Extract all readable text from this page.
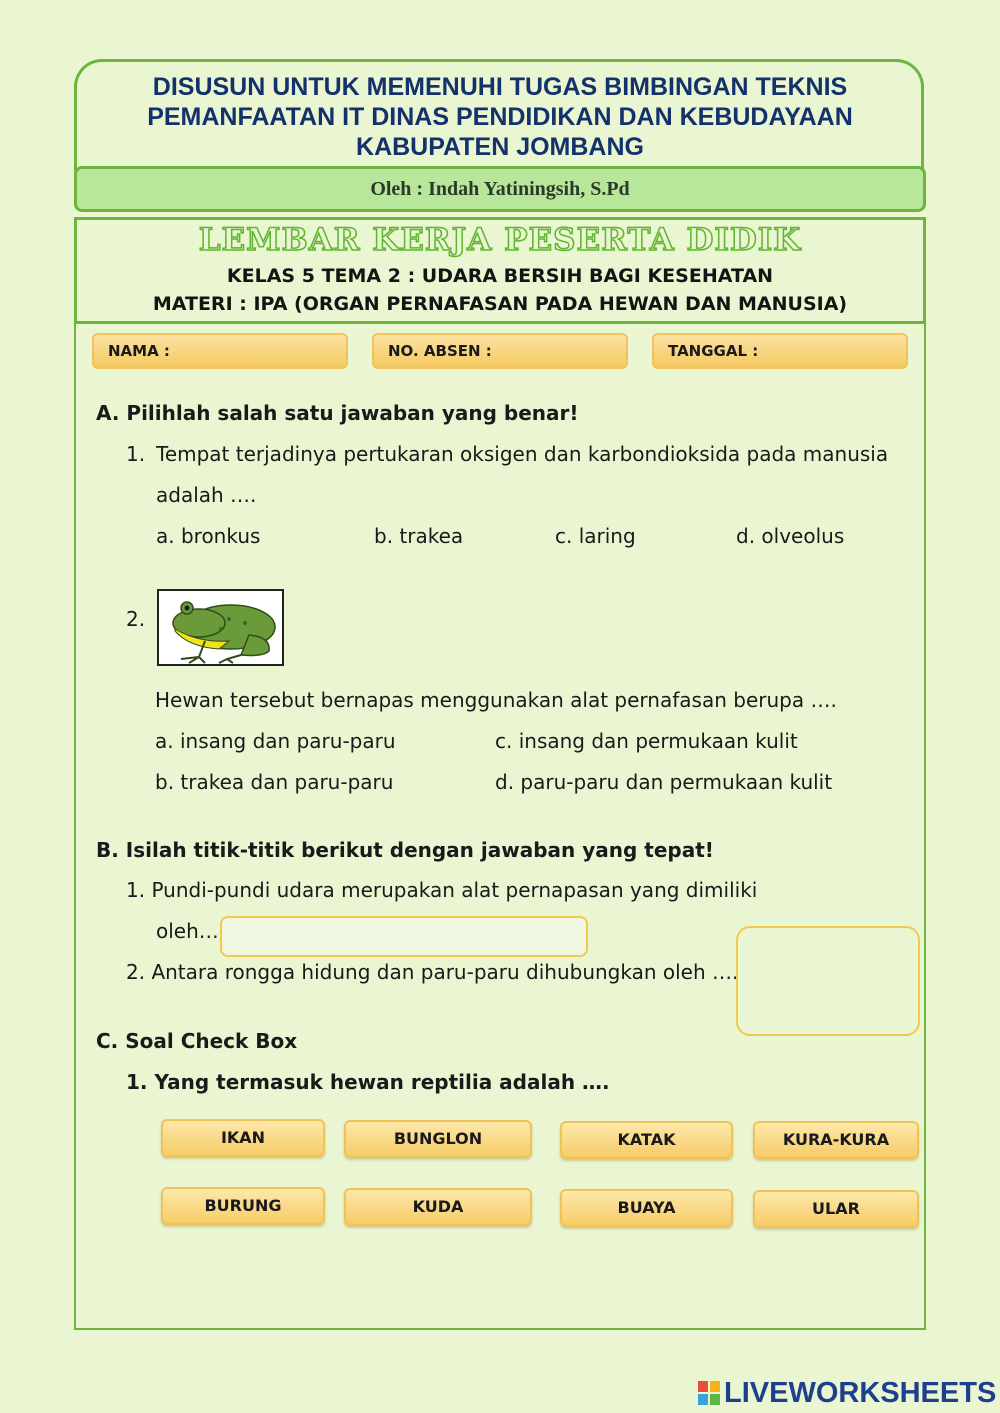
DISUSUN UNTUK MEMENUHI TUGAS BIMBINGAN TEKNIS
PEMANFAATAN IT DINAS PENDIDIKAN DAN KEBUDAYAAN
KABUPATEN JOMBANG
Oleh : Indah Yatiningsih, S.Pd
LEMBAR KERJA PESERTA DIDIK
KELAS 5 TEMA 2 : UDARA BERSIH BAGI KESEHATAN
MATERI : IPA (ORGAN PERNAFASAN PADA HEWAN DAN MANUSIA)
NAMA :	NO. ABSEN :	TANGGAL :
A. Pilihlah salah satu jawaban yang benar!
1. Tempat terjadinya pertukaran oksigen dan karbondioksida pada manusia
adalah ….
a. bronkus	b. trakea	c. laring	d. olveolus
2.
Hewan tersebut bernapas menggunakan alat pernafasan berupa ….
a. insang dan paru-paru	c. insang dan permukaan kulit
b. trakea dan paru-paru	d. paru-paru dan permukaan kulit
B. Isilah titik-titik berikut dengan jawaban yang tepat!
1. Pundi-pundi udara merupakan alat pernapasan yang dimiliki
oleh…
2. Antara rongga hidung dan paru-paru dihubungkan oleh ….
C. Soal Check Box
1. Yang termasuk hewan reptilia adalah ….
IKAN	BUNGLON	KATAK	KURA-KURA
BURUNG	KUDA	BUAYA	ULAR
LIVEWORKSHEETS
